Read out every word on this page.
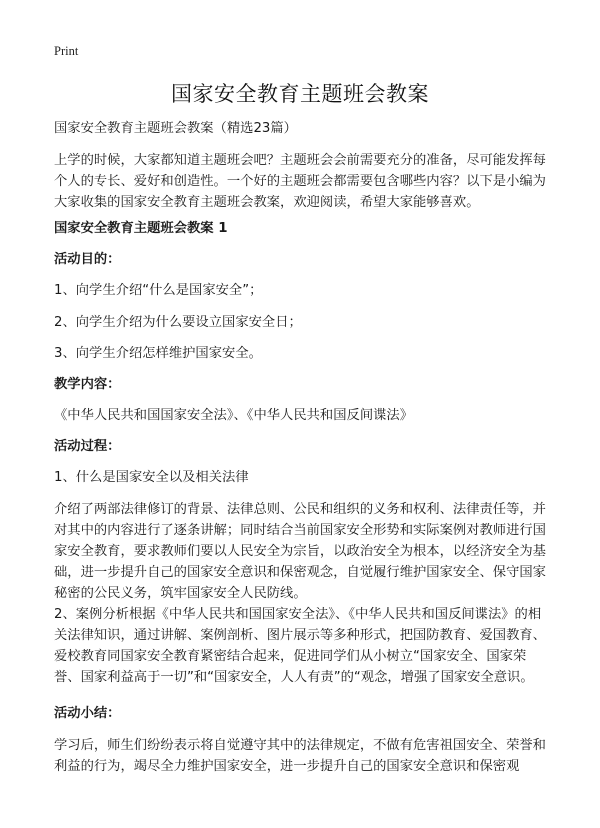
Print
国家安全教育主题班会教案
国家安全教育主题班会教案（精选23篇）
上学的时候，大家都知道主题班会吧？主题班会会前需要充分的准备，尽可能发挥每个人的专长、爱好和创造性。一个好的主题班会都需要包含哪些内容？以下是小编为大家收集的国家安全教育主题班会教案，欢迎阅读，希望大家能够喜欢。
国家安全教育主题班会教案 1
活动目的：
1、向学生介绍“什么是国家安全”；
2、向学生介绍为什么要设立国家安全日；
3、向学生介绍怎样维护国家安全。
教学内容：
《中华人民共和国国家安全法》、《中华人民共和国反间谍法》
活动过程：
1、什么是国家安全以及相关法律
介绍了两部法律修订的背景、法律总则、公民和组织的义务和权利、法律责任等，并对其中的内容进行了逐条讲解；同时结合当前国家安全形势和实际案例对教师进行国家安全教育，要求教师们要以人民安全为宗旨，以政治安全为根本，以经济安全为基础，进一步提升自己的国家安全意识和保密观念，自觉履行维护国家安全、保守国家秘密的公民义务，筑牢国家安全人民防线。
2、案例分析根据《中华人民共和国国家安全法》、《中华人民共和国反间谍法》的相关法律知识，通过讲解、案例剖析、图片展示等多种形式，把国防教育、爱国教育、爱校教育同国家安全教育紧密结合起来，促进同学们从小树立“国家安全、国家荣誉、国家利益高于一切”和“国家安全，人人有责”的“观念，增强了国家安全意识。
活动小结：
学习后，师生们纷纷表示将自觉遵守其中的法律规定，不做有危害祖国安全、荣誉和利益的行为，竭尽全力维护国家安全，进一步提升自己的国家安全意识和保密观
